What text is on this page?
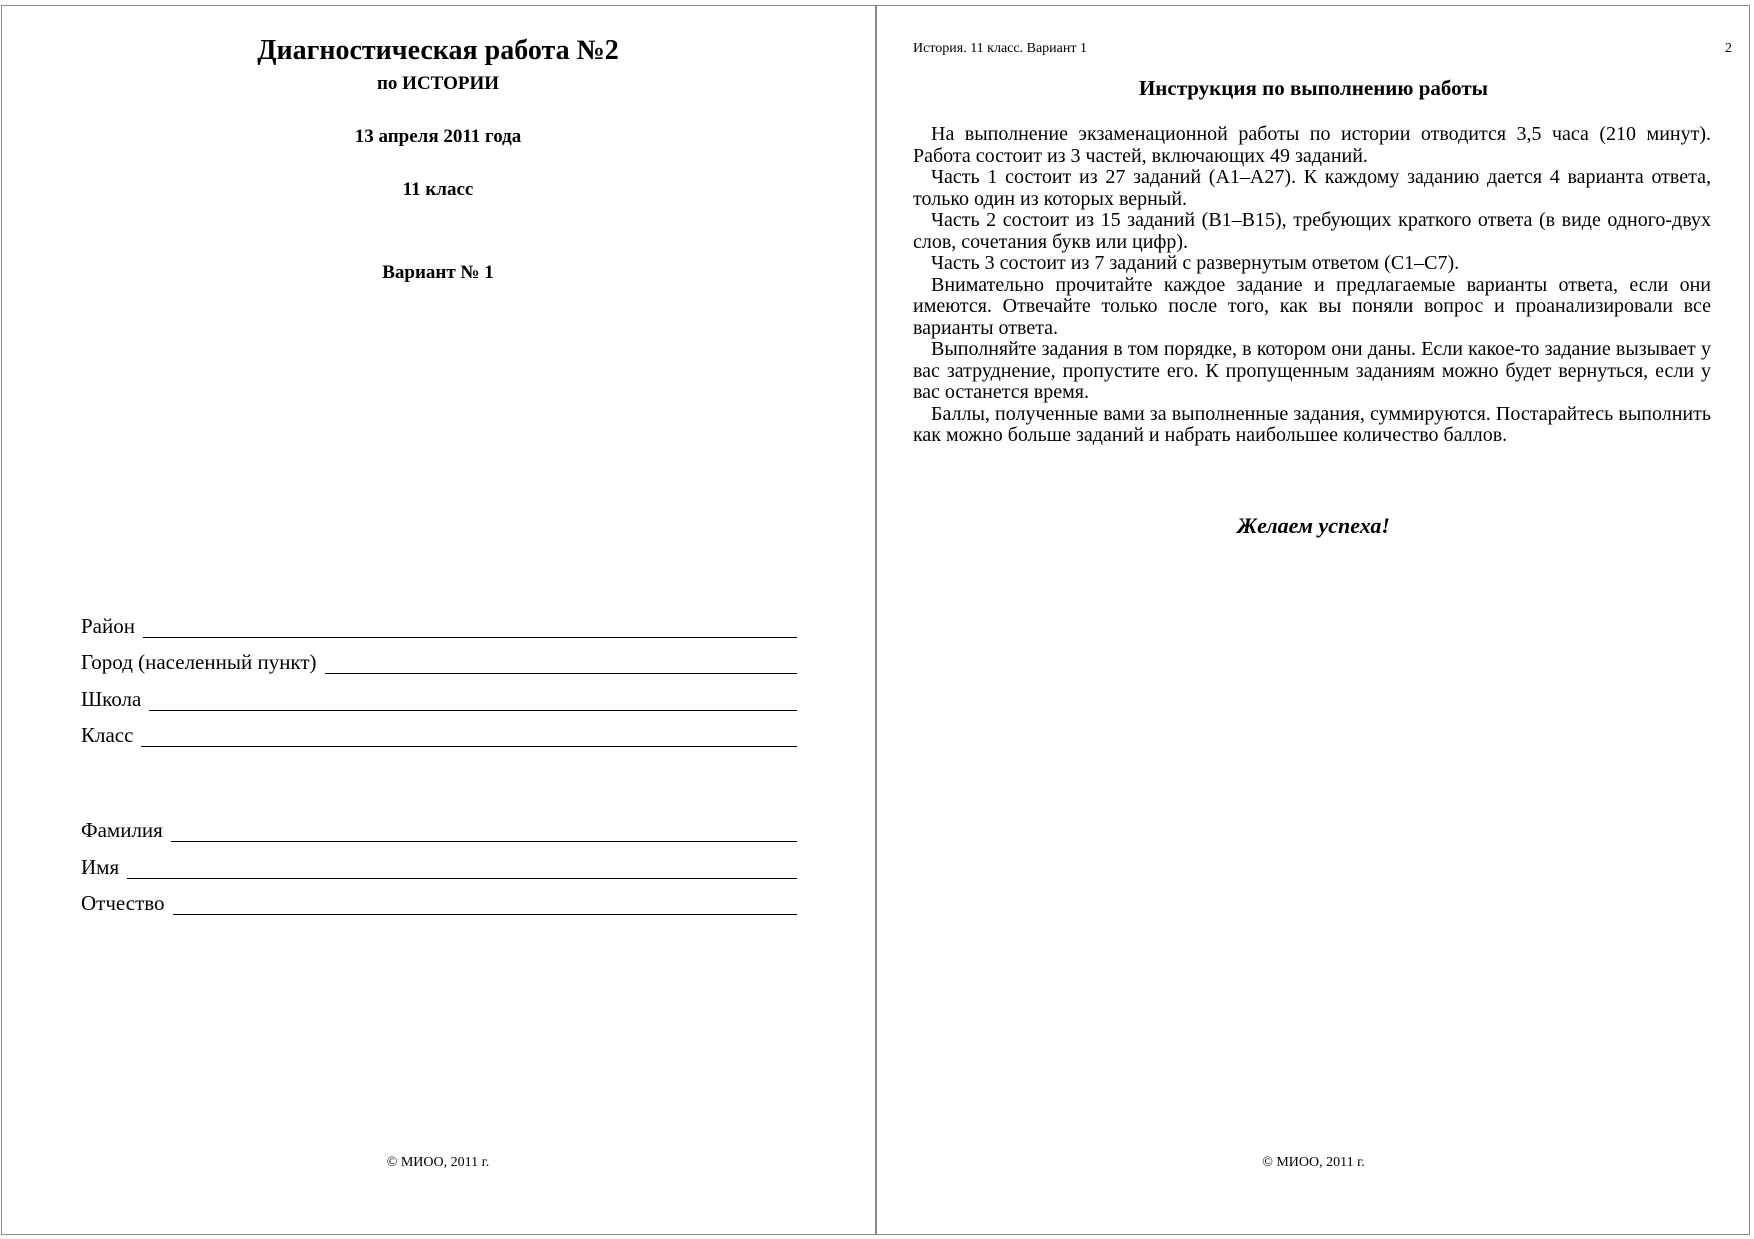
Диагностическая работа №2
по ИСТОРИИ
13 апреля 2011 года
11 класс
Вариант № 1
Район
Город (населенный пункт)
Школа
Класс
Фамилия
Имя
Отчество
© МИОО, 2011 г.
История. 11 класс. Вариант 1	2
Инструкция по выполнению работы

На выполнение экзаменационной работы по истории отводится 3,5 часа (210 минут). Работа состоит из 3 частей, включающих 49 заданий.

Часть 1 состоит из 27 заданий (А1–А27). К каждому заданию дается 4 варианта ответа, только один из которых верный.

Часть 2 состоит из 15 заданий (В1–В15), требующих краткого ответа (в виде одного-двух слов, сочетания букв или цифр).

Часть 3 состоит из 7 заданий с развернутым ответом (С1–С7).

Внимательно прочитайте каждое задание и предлагаемые варианты ответа, если они имеются. Отвечайте только после того, как вы поняли вопрос и проанализировали все варианты ответа.

Выполняйте задания в том порядке, в котором они даны. Если какое-то задание вызывает у вас затруднение, пропустите его. К пропущенным заданиям можно будет вернуться, если у вас останется время.

Баллы, полученные вами за выполненные задания, суммируются. Постарайтесь выполнить как можно больше заданий и набрать наибольшее количество баллов.

Желаем успеха!
© МИОО, 2011 г.
